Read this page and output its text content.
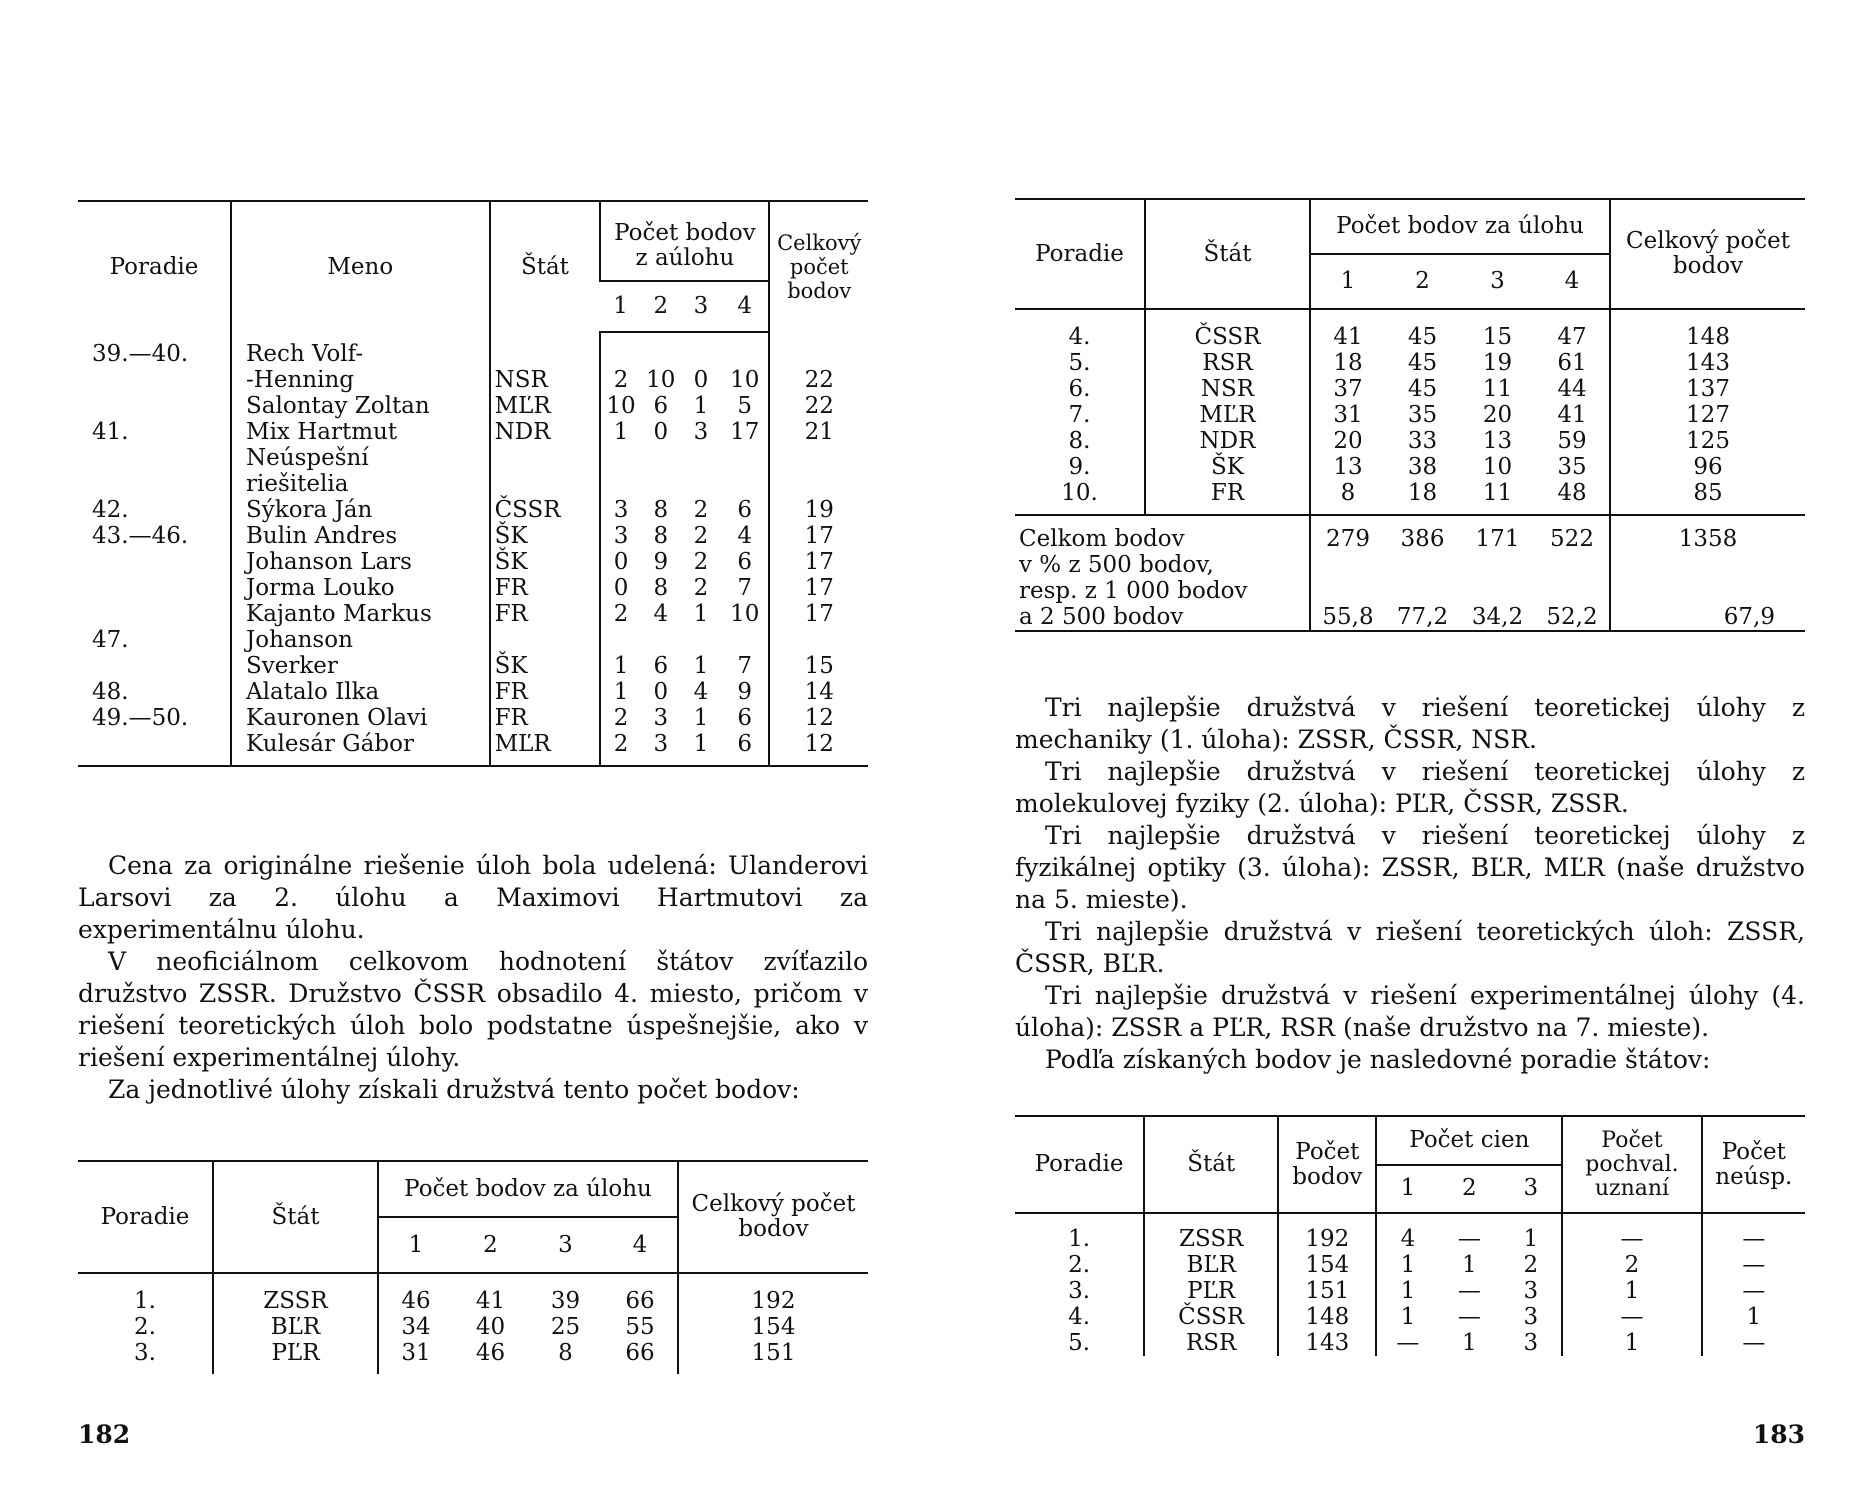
Poradie	Meno	Štát	Počet bodov z aúlohu				Celkový počet bodov
			1	2	3	4	

39.—40.	Rech Volf-						
	-Henning	NSR	2	10	0	10	22
	Salontay Zoltan	MĽR	10	6	1	5	22
41.	Mix Hartmut	NDR	1	0	3	17	21
	Neúspešní						
	riešitelia						
42.	Sýkora Ján	ČSSR	3	8	2	6	19
43.—46.	Bulin Andres	ŠK	3	8	2	4	17
	Johanson Lars	ŠK	0	9	2	6	17
	Jorma Louko	FR	0	8	2	7	17
	Kajanto Markus	FR	2	4	1	10	17
47.	Johanson						
	Sverker	ŠK	1	6	1	7	15
48.	Alatalo Ilka	FR	1	0	4	9	14
49.—50.	Kauronen Olavi	FR	2	3	1	6	12
	Kulesár Gábor	MĽR	2	3	1	6	12

Cena za originálne riešenie úloh bola udelená: Ulanderovi Larsovi za 2. úlohu a Maximovi Hartmutovi za experimentálnu úlohu.

V neoficiálnom celkovom hodnotení štátov zvíťazilo družstvo ZSSR. Družstvo ČSSR obsadilo 4. miesto, pričom v riešení teoretických úloh bolo podstatne úspešnejšie, ako v riešení experimentálnej úlohy.

Za jednotlivé úlohy získali družstvá tento počet bodov:

Poradie	Štát	Počet bodov za úlohu				Celkový počet bodov
		1	2	3	4	

1.	ZSSR	46	41	39	66	192
2.	BĽR	34	40	25	55	154
3.	PĽR	31	46	8	66	151

182
Poradie	Štát	Počet bodov za úlohu				Celkový počet bodov
		1	2	3	4	

4.	ČSSR	41	45	15	47	148
5.	RSR	18	45	19	61	143
6.	NSR	37	45	11	44	137
7.	MĽR	31	35	20	41	127
8.	NDR	20	33	13	59	125
9.	ŠK	13	38	10	35	96
10.	FR	8	18	11	48	85

Celkom bodov
v % z 500 bodov,
resp. z 1 000 bodov
a 2 500 bodov		279	386	171	522	1358

		55,8	77,2	34,2	52,2	67,9

Tri najlepšie družstvá v riešení teoretickej úlohy z mechaniky (1. úloha): ZSSR, ČSSR, NSR.

Tri najlepšie družstvá v riešení teoretickej úlohy z molekulovej fyziky (2. úloha): PĽR, ČSSR, ZSSR.

Tri najlepšie družstvá v riešení teoretickej úlohy z fyzikálnej optiky (3. úloha): ZSSR, BĽR, MĽR (naše družstvo na 5. mieste).

Tri najlepšie družstvá v riešení teoretických úloh: ZSSR, ČSSR, BĽR.

Tri najlepšie družstvá v riešení experimentálnej úlohy (4. úloha): ZSSR a PĽR, RSR (naše družstvo na 7. mieste).

Podľa získaných bodov je nasledovné poradie štátov:

Poradie	Štát	Počet bodov	Počet cien			Počet pochval. uznaní	Počet neúsp.
			1	2	3		

1.	ZSSR	192	4	—	1	—	—
2.	BĽR	154	1	1	2	2	—
3.	PĽR	151	1	—	3	1	—
4.	ČSSR	148	1	—	3	—	1
5.	RSR	143	—	1	3	1	—
183
